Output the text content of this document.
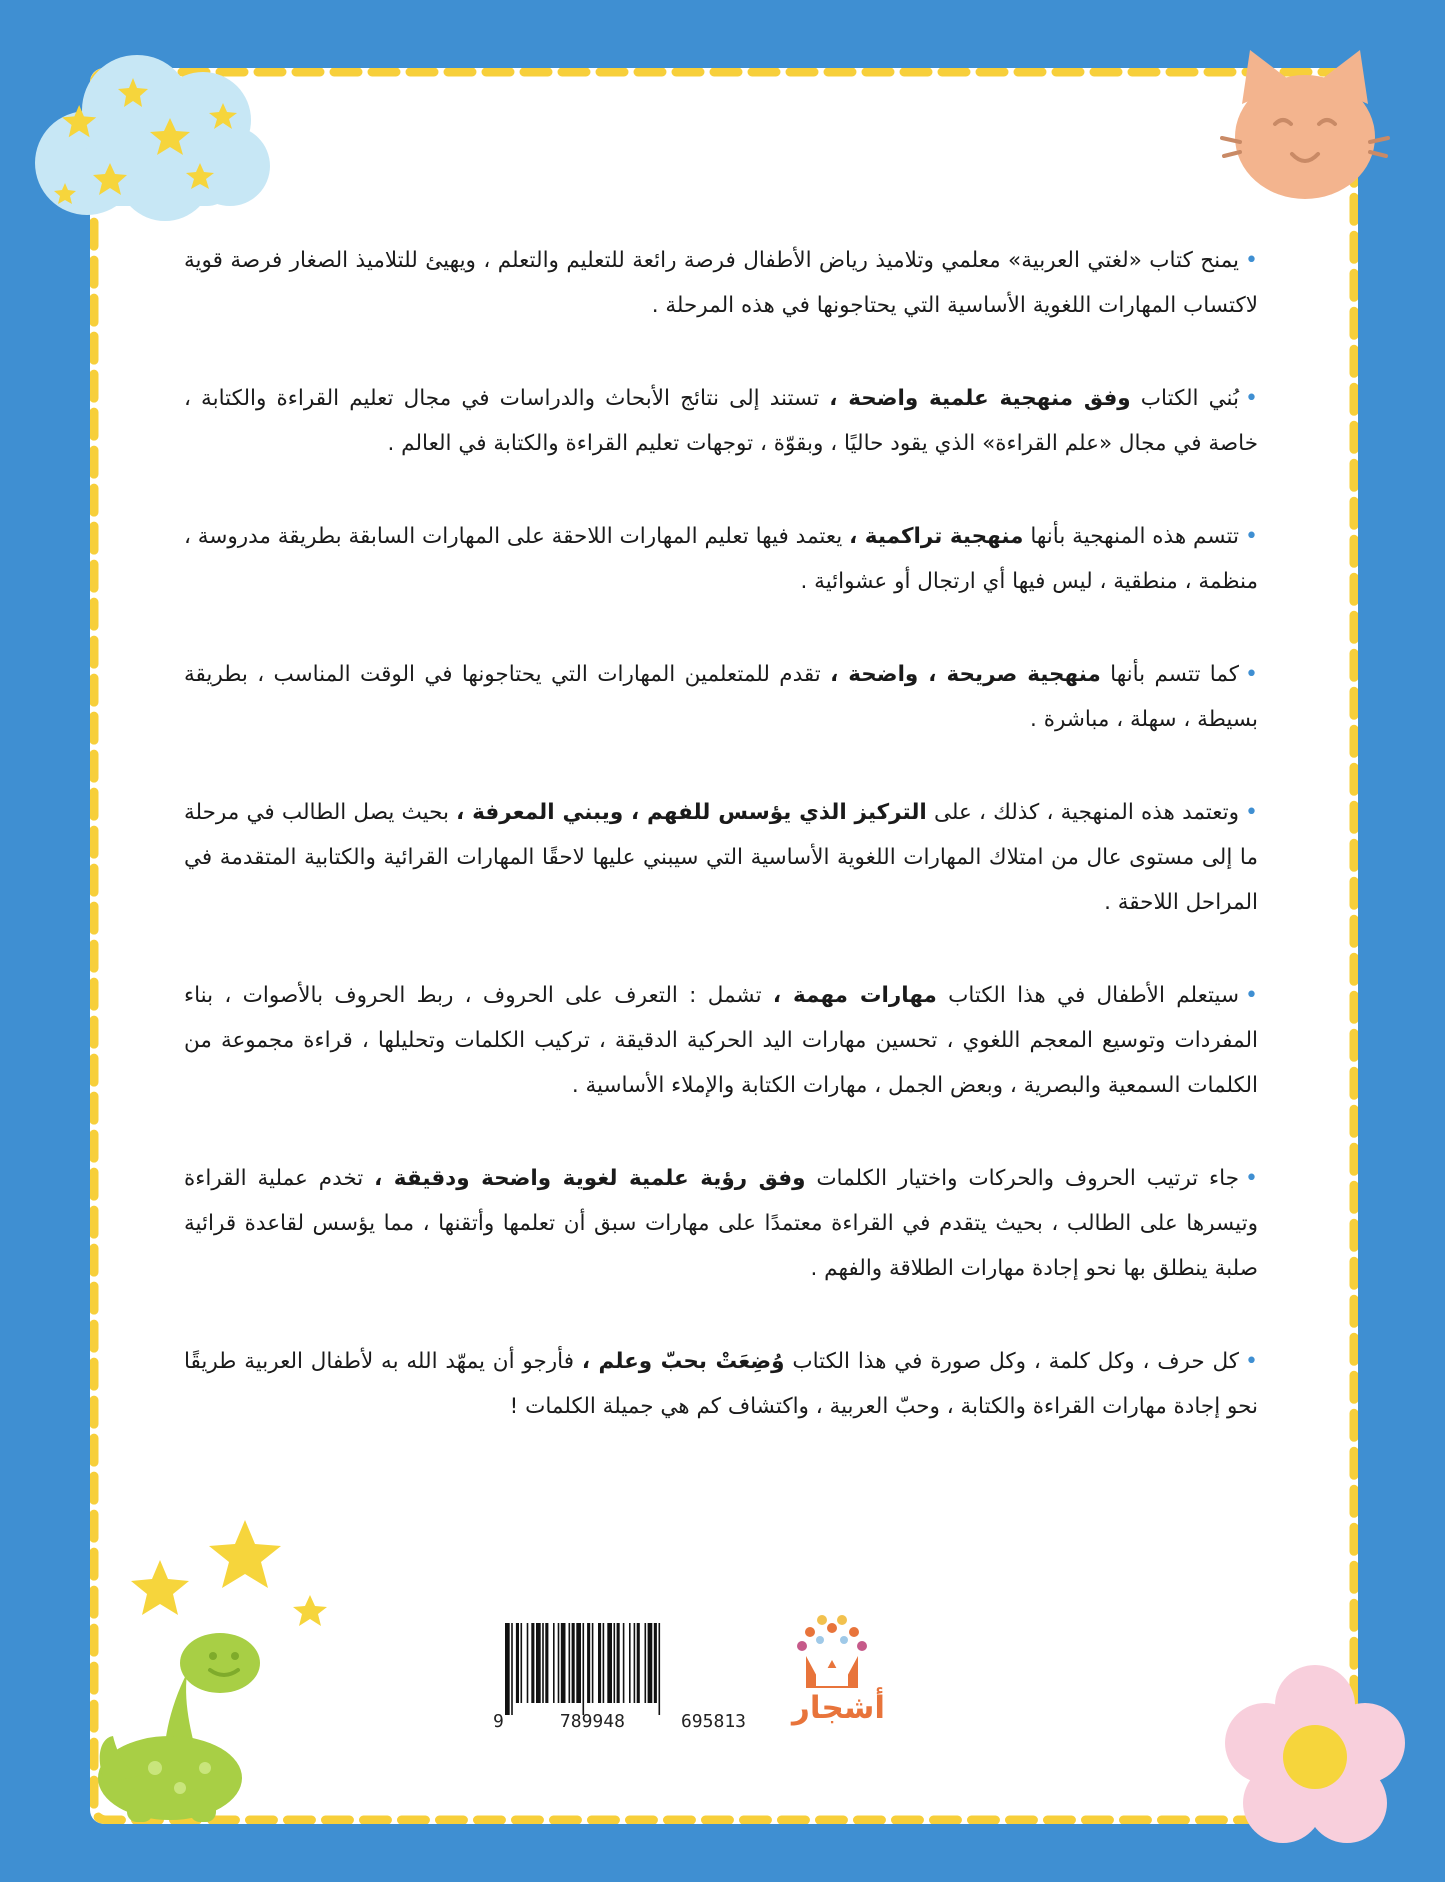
•يمنح كتاب «لغتي العربية» معلمي وتلاميذ رياض الأطفال فرصة رائعة للتعليم والتعلم ، ويهيئ للتلاميذ الصغار فرصة قوية لاكتساب المهارات اللغوية الأساسية التي يحتاجونها في هذه المرحلة .

•بُني الكتاب وفق منهجية علمية واضحة ، تستند إلى نتائج الأبحاث والدراسات في مجال تعليم القراءة والكتابة ، خاصة في مجال «علم القراءة» الذي يقود حاليًا ، وبقوّة ، توجهات تعليم القراءة والكتابة في العالم .

•تتسم هذه المنهجية بأنها منهجية تراكمية ، يعتمد فيها تعليم المهارات اللاحقة على المهارات السابقة بطريقة مدروسة ، منظمة ، منطقية ، ليس فيها أي ارتجال أو عشوائية .

•كما تتسم بأنها منهجية صريحة ، واضحة ، تقدم للمتعلمين المهارات التي يحتاجونها في الوقت المناسب ، بطريقة بسيطة ، سهلة ، مباشرة .

•وتعتمد هذه المنهجية ، كذلك ، على التركيز الذي يؤسس للفهم ، ويبني المعرفة ، بحيث يصل الطالب في مرحلة ما إلى مستوى عال من امتلاك المهارات اللغوية الأساسية التي سيبني عليها لاحقًا المهارات القرائية والكتابية المتقدمة في المراحل اللاحقة .

•سيتعلم الأطفال في هذا الكتاب مهارات مهمة ، تشمل : التعرف على الحروف ، ربط الحروف بالأصوات ، بناء المفردات وتوسيع المعجم اللغوي ، تحسين مهارات اليد الحركية الدقيقة ، تركيب الكلمات وتحليلها ، قراءة مجموعة من الكلمات السمعية والبصرية ، وبعض الجمل ، مهارات الكتابة والإملاء الأساسية .

•جاء ترتيب الحروف والحركات واختيار الكلمات وفق رؤية علمية لغوية واضحة ودقيقة ، تخدم عملية القراءة وتيسرها على الطالب ، بحيث يتقدم في القراءة معتمدًا على مهارات سبق أن تعلمها وأتقنها ، مما يؤسس لقاعدة قرائية صلبة ينطلق بها نحو إجادة مهارات الطلاقة والفهم .

•كل حرف ، وكل كلمة ، وكل صورة في هذا الكتاب وُضِعَتْ بحبّ وعلم ، فأرجو أن يمهّد الله به لأطفال العربية طريقًا نحو إجادة مهارات القراءة والكتابة ، وحبّ العربية ، واكتشاف كم هي جميلة الكلمات !

9	789948	695813 أشجار
